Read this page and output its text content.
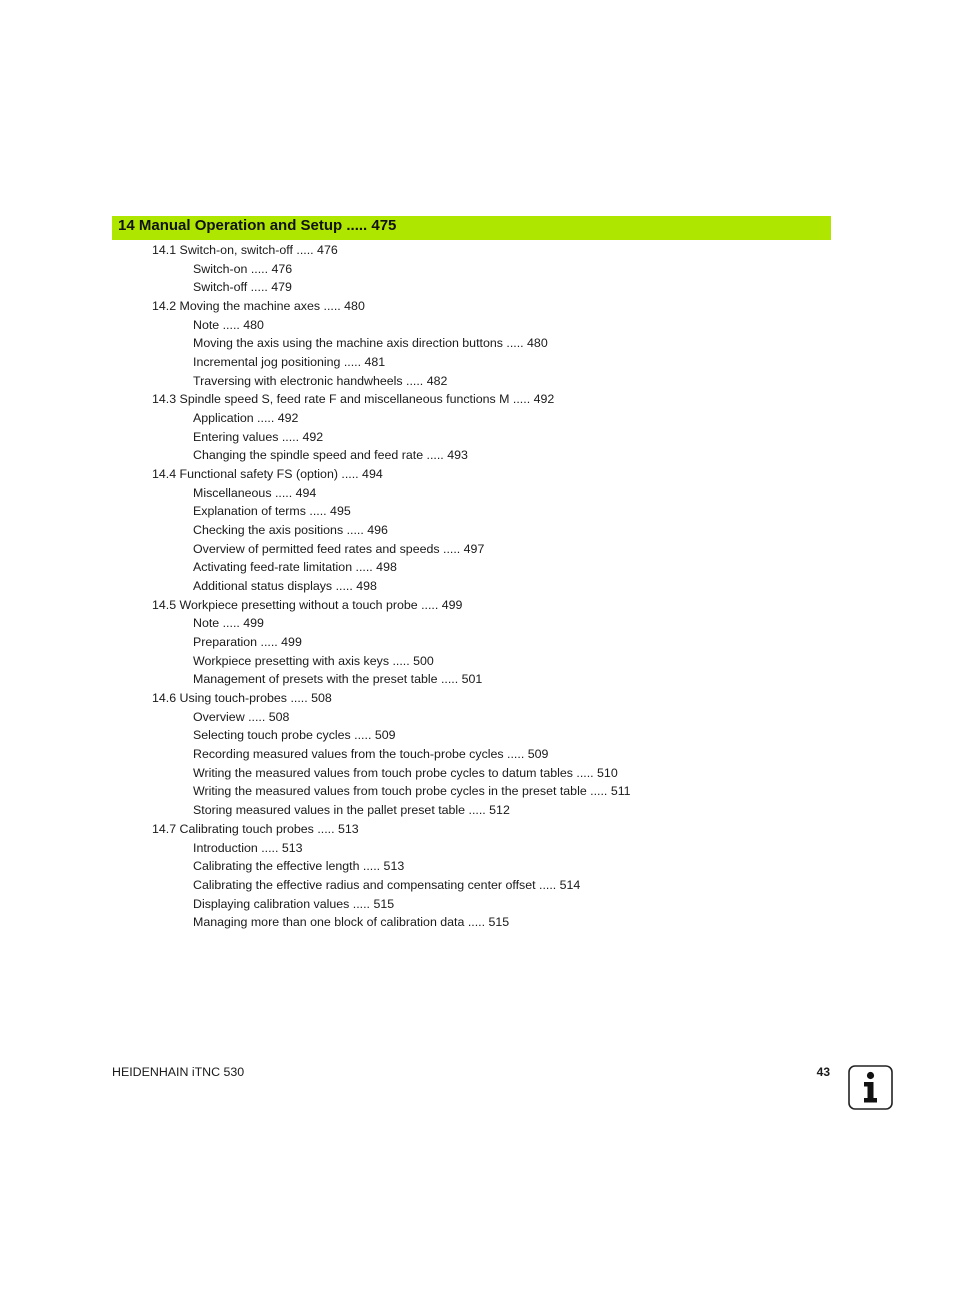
14 Manual Operation and Setup ..... 475
14.1 Switch-on, switch-off ..... 476
Switch-on ..... 476
Switch-off ..... 479
14.2 Moving the machine axes ..... 480
Note ..... 480
Moving the axis using the machine axis direction buttons ..... 480
Incremental jog positioning ..... 481
Traversing with electronic handwheels ..... 482
14.3 Spindle speed S, feed rate F and miscellaneous functions M ..... 492
Application ..... 492
Entering values ..... 492
Changing the spindle speed and feed rate ..... 493
14.4 Functional safety FS (option) ..... 494
Miscellaneous ..... 494
Explanation of terms ..... 495
Checking the axis positions ..... 496
Overview of permitted feed rates and speeds ..... 497
Activating feed-rate limitation ..... 498
Additional status displays ..... 498
14.5 Workpiece presetting without a touch probe ..... 499
Note ..... 499
Preparation ..... 499
Workpiece presetting with axis keys ..... 500
Management of presets with the preset table ..... 501
14.6 Using touch-probes ..... 508
Overview ..... 508
Selecting touch probe cycles ..... 509
Recording measured values from the touch-probe cycles ..... 509
Writing the measured values from touch probe cycles to datum tables ..... 510
Writing the measured values from touch probe cycles in the preset table ..... 511
Storing measured values in the pallet preset table ..... 512
14.7 Calibrating touch probes ..... 513
Introduction ..... 513
Calibrating the effective length ..... 513
Calibrating the effective radius and compensating center offset ..... 514
Displaying calibration values ..... 515
Managing more than one block of calibration data ..... 515
HEIDENHAIN iTNC 530	43
